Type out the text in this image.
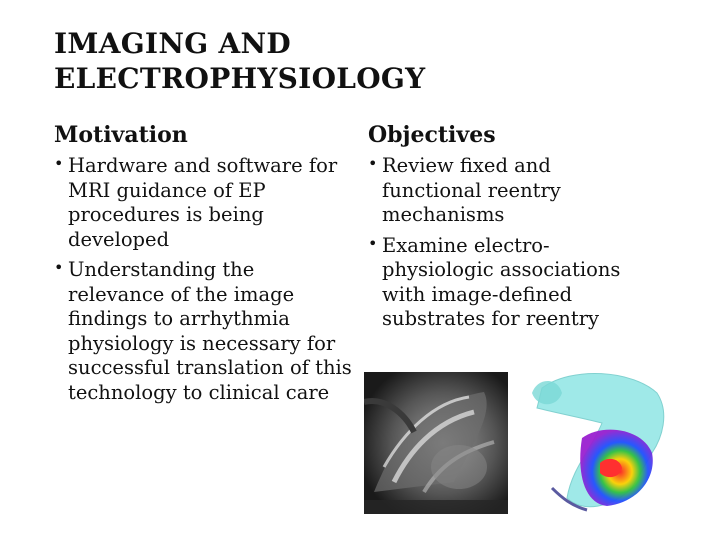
IMAGING AND
ELECTROPHYSIOLOGY
Motivation
• Hardware and software for MRI guidance of EP procedures is being developed
• Understanding the relevance of the image findings to arrhythmia physiology is necessary for successful translation of this technology to clinical care
Objectives
• Review fixed and functional reentry mechanisms
• Examine electro-physiologic associations with image-defined substrates for reentry
